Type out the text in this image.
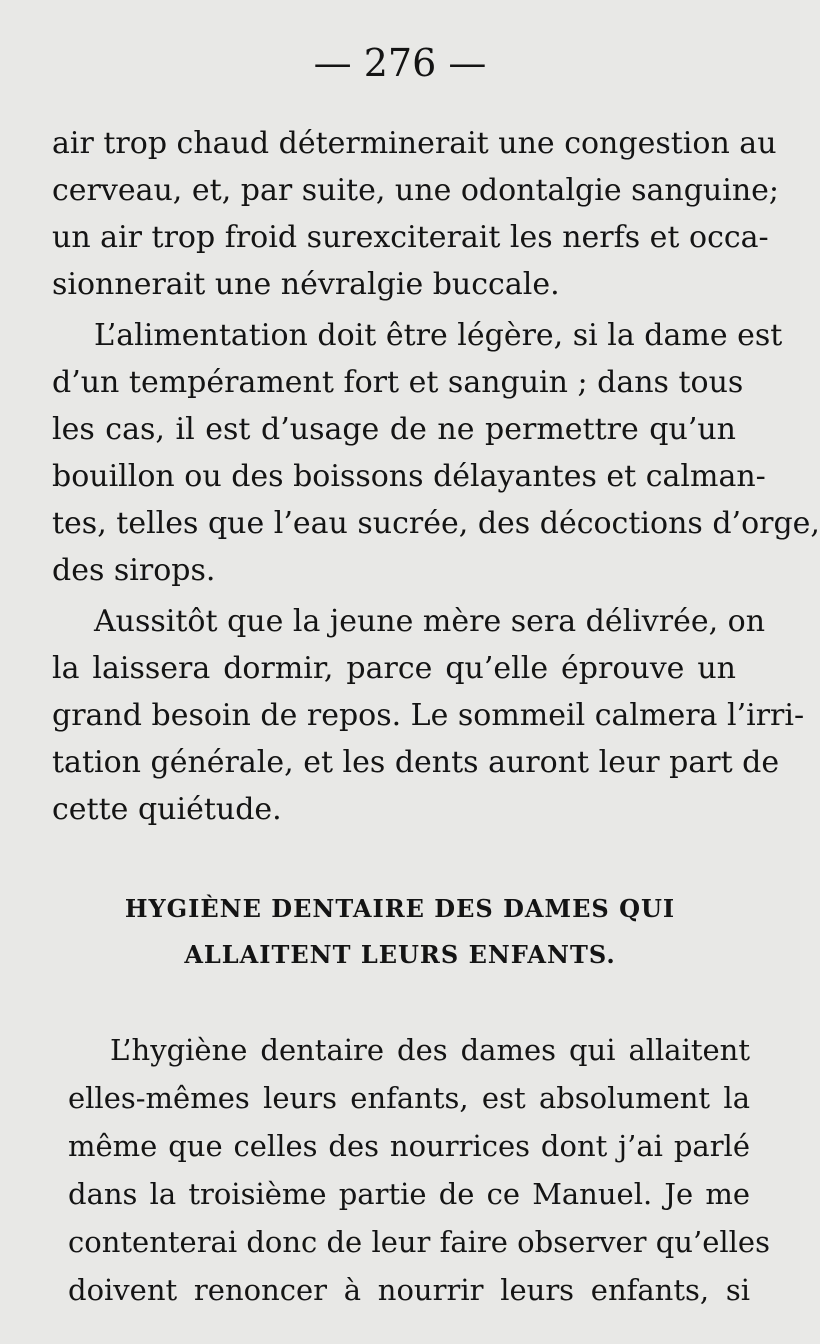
— 276 —
air trop chaud déterminerait une congestion au
cerveau, et, par suite, une odontalgie sanguine;
un air trop froid surexciterait les nerfs et occa-
sionnerait une névralgie buccale.
L’alimentation doit être légère, si la dame est
d’un tempérament fort et sanguin ; dans tous
les cas, il est d’usage de ne permettre qu’un
bouillon ou des boissons délayantes et calman-
tes, telles que l’eau sucrée, des décoctions d’orge,
des sirops.
Aussitôt que la jeune mère sera délivrée, on
la laissera dormir, parce qu’elle éprouve un
grand besoin de repos. Le sommeil calmera l’irri-
tation générale, et les dents auront leur part de
cette quiétude.
HYGIÈNE DENTAIRE DES DAMES QUI
ALLAITENT LEURS ENFANTS.
L’hygiène dentaire des dames qui allaitent
elles-mêmes leurs enfants, est absolument la
même que celles des nourrices dont j’ai parlé
dans la troisième partie de ce Manuel. Je me
contenterai donc de leur faire observer qu’elles
doivent renoncer à nourrir leurs enfants, si
